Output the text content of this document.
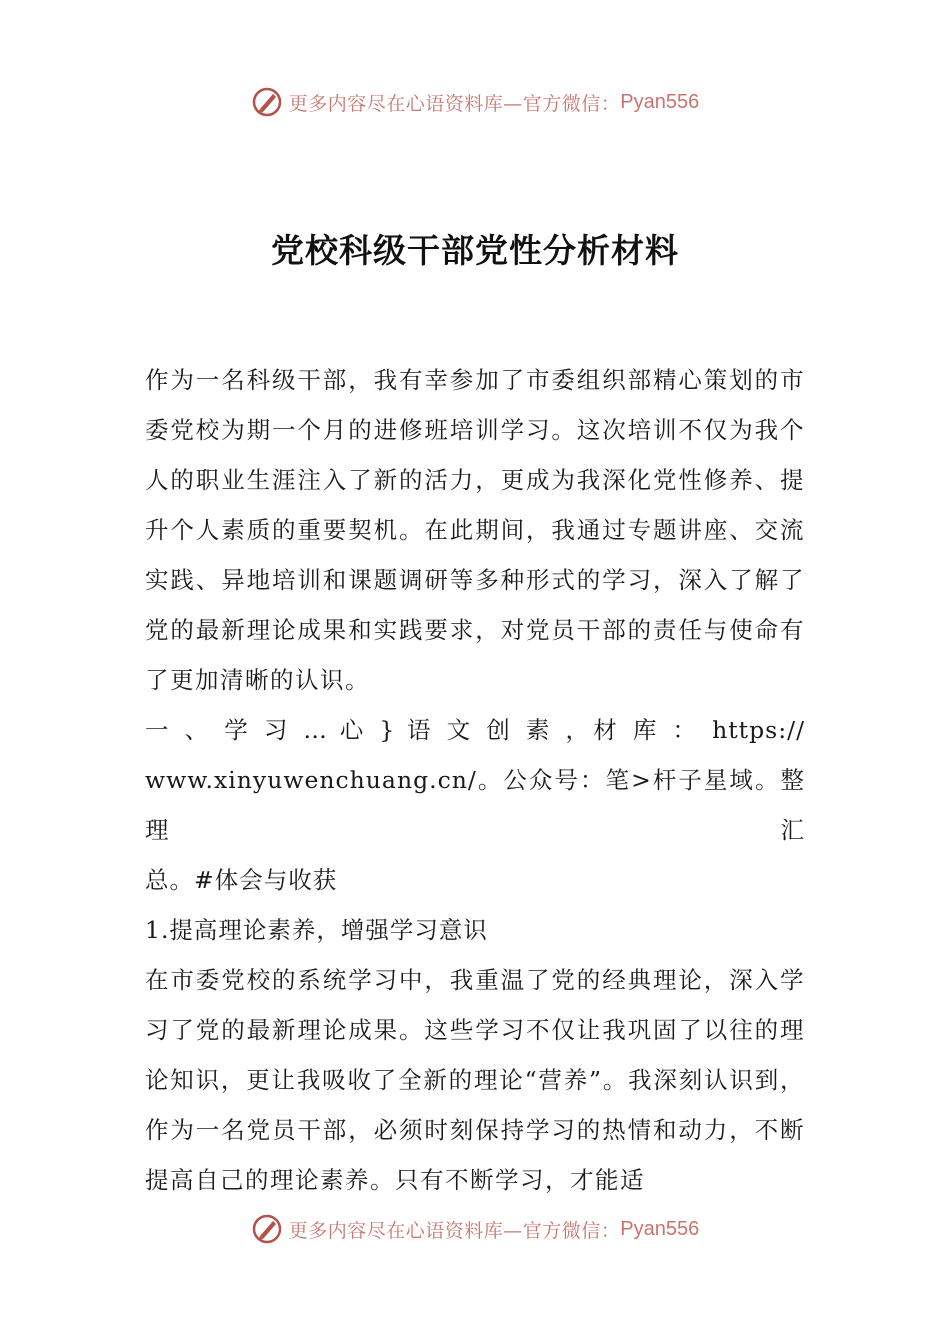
更多内容尽在心语资料库—官方微信： Pyan556
党校科级干部党性分析材料

作为一名科级干部，我有幸参加了市委组织部精心策划的市委党校为期一个月的进修班培训学习。这次培训不仅为我个人的职业生涯注入了新的活力，更成为我深化党性修养、提升个人素质的重要契机。在此期间，我通过专题讲座、交流实践、异地培训和课题调研等多种形式的学习，深入了解了党的最新理论成果和实践要求，对党员干部的责任与使命有了更加清晰的认识。

一 、 学 习 … 心 } 语 文 创 素 ，材 库 ： https://

www.xinyuwenchuang.cn/。公众号：笔>杆子星域。整理汇

总。#体会与收获

1.提高理论素养，增强学习意识

在市委党校的系统学习中，我重温了党的经典理论，深入学习了党的最新理论成果。这些学习不仅让我巩固了以往的理论知识，更让我吸收了全新的理论“营养”。我深刻认识到，作为一名党员干部，必须时刻保持学习的热情和动力，不断提高自己的理论素养。只有不断学习，才能适

更多内容尽在心语资料库—官方微信： Pyan556
